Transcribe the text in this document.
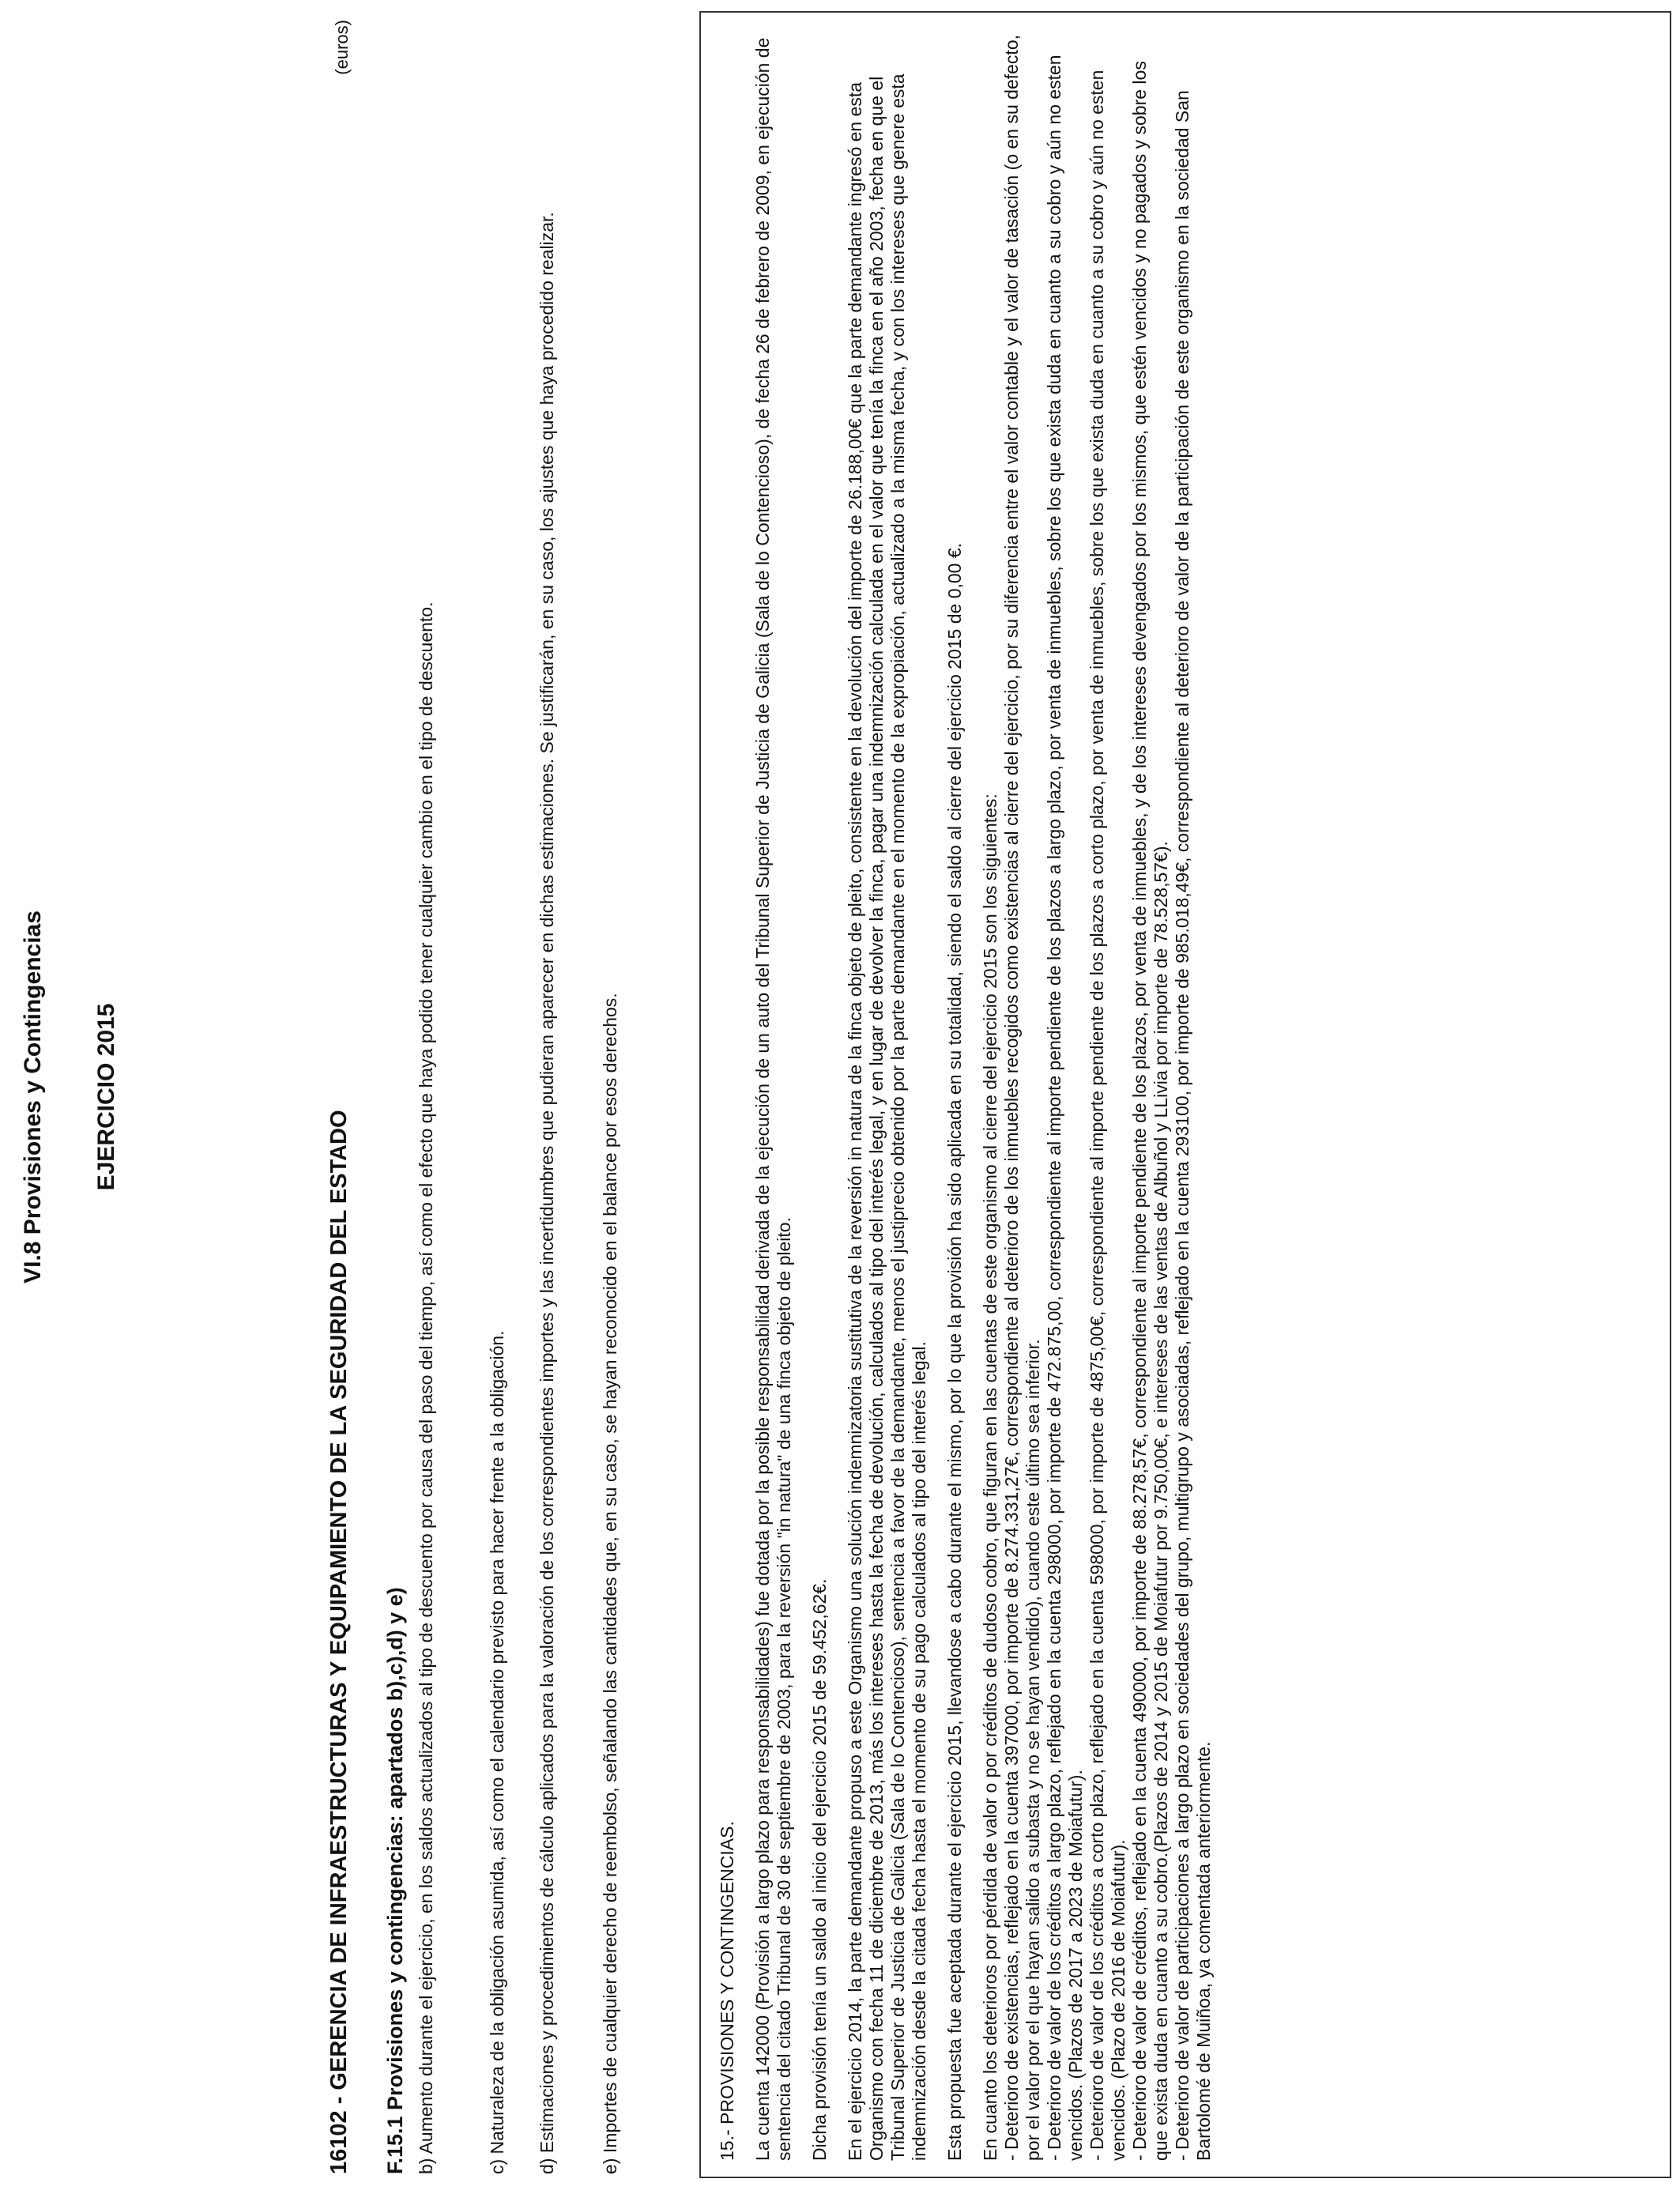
VI.8 Provisiones y Contingencias EJERCICIO 2015
16102 - GERENCIA DE INFRAESTRUCTURAS Y EQUIPAMIENTO DE LA SEGURIDAD DEL ESTADO
(euros)
F.15.1 Provisiones y contingencias: apartados b),c),d) y e) b) Aumento durante el ejercicio, en los saldos actualizados al tipo de descuento por causa del paso del tiempo, así como el efecto que haya podido tener cualquier cambio en el tipo de descuento.	c) Naturaleza de la obligación asumida, así como el calendario previsto para hacer frente a la obligación. d) Estimaciones y procedimientos de cálculo aplicados para la valoración de los correspondientes importes y las incertidumbres que pudieran aparecer en dichas estimaciones. Se justificarán, en su caso, los ajustes que haya procedido realizar. e) Importes de cualquier derecho de reembolso, señalando las cantidades que, en su caso, se hayan reconocido en el balance por esos derechos.	15.- PROVISIONES Y CONTINGENCIAS. La cuenta 142000 (Provisión a largo plazo para responsabilidades) fue dotada por la posible responsabilidad derivada de la ejecución de un auto del Tribunal Superior de Justicia de Galicia (Sala de lo Contencioso), de fecha 26 de febrero de 2009, en ejecución de sentencia del citado Tribunal de 30 de septiembre de 2003, para la reversión "in natura" de una finca objeto de pleito. Dicha provisión tenía un saldo al inicio del ejercicio 2015 de 59.452,62€. En el ejercicio 2014, la parte demandante propuso a este Organismo una solución indemnizatoria sustitutiva de la reversión in natura de la finca objeto de pleito, consistente en la devolución del importe de 26.188,00€ que la parte demandante ingresó en esta Organismo con fecha 11 de diciembre de 2013, más los intereses hasta la fecha de devolución, calculados al tipo del interés legal, y en lugar de devolver la finca, pagar una indemnización calculada en el valor que tenía la finca en el año 2003, fecha en que el Tribunal Superior de Justicia de Galicia (Sala de lo Contencioso), sentencia a favor de la demandante, menos el justiprecio obtenido por la parte demandante en el momento de la expropiación, actualizado a la misma fecha, y con los intereses que genere esta indemnización desde la citada fecha hasta el momento de su pago calculados al tipo del interés legal. Esta propuesta fue aceptada durante el ejercicio 2015, llevandose a cabo durante el mismo, por lo que la provisión ha sido aplicada en su totalidad, siendo el saldo al cierre del ejercicio 2015 de 0,00 €. En cuanto los deterioros por pérdida de valor o por créditos de dudoso cobro, que figuran en las cuentas de este organismo al cierre del ejercicio 2015 son los siguientes: - Deterioro de existencias, reflejado en la cuenta 397000, por importe de 8.274.331,27€, correspondiente al deterioro de los inmuebles recogidos como existencias al cierre del ejercicio, por su diferencia entre el valor contable y el valor de tasación (o en su defecto, por el valor por el que hayan salido a subasta y no se hayan vendido), cuando este último sea inferior. - Deterioro de valor de los créditos a largo plazo, reflejado en la cuenta 298000, por importe de 472.875,00, correspondiente al importe pendiente de los plazos a largo plazo, por venta de inmuebles, sobre los que exista duda en cuanto a su cobro y aún no esten vencidos. (Plazos de 2017 a 2023 de Moiafutur). - Deterioro de valor de los créditos a corto plazo, reflejado en la cuenta 598000, por importe de 4875,00€, correspondiente al importe pendiente de los plazos a corto plazo, por venta de inmuebles, sobre los que exista duda en cuanto a su cobro y aún no esten vencidos. (Plazo de 2016 de Moiafutur). - Deterioro de valor de créditos, reflejado en la cuenta 490000, por importe de 88.278,57€, correspondiente al importe pendiente de los plazos, por venta de inmuebles, y de los intereses devengados por los mismos, que estén vencidos y no pagados y sobre los que exista duda en cuanto a su cobro.(Plazos de 2014 y 2015 de Moiafutur por 9.750,00€, e intereses de las ventas de Albuñol y LLivia por importe de 78.528,57€). - Deterioro de valor de participaciones a largo plazo en sociedades del grupo, multigrupo y asociadas, reflejado en la cuenta 293100, por importe de 985.018,49€, correspondiente al deterioro de valor de la participación de este organismo en la sociedad San Bartolomé de Muiñoa, ya comentada anteriormente.
